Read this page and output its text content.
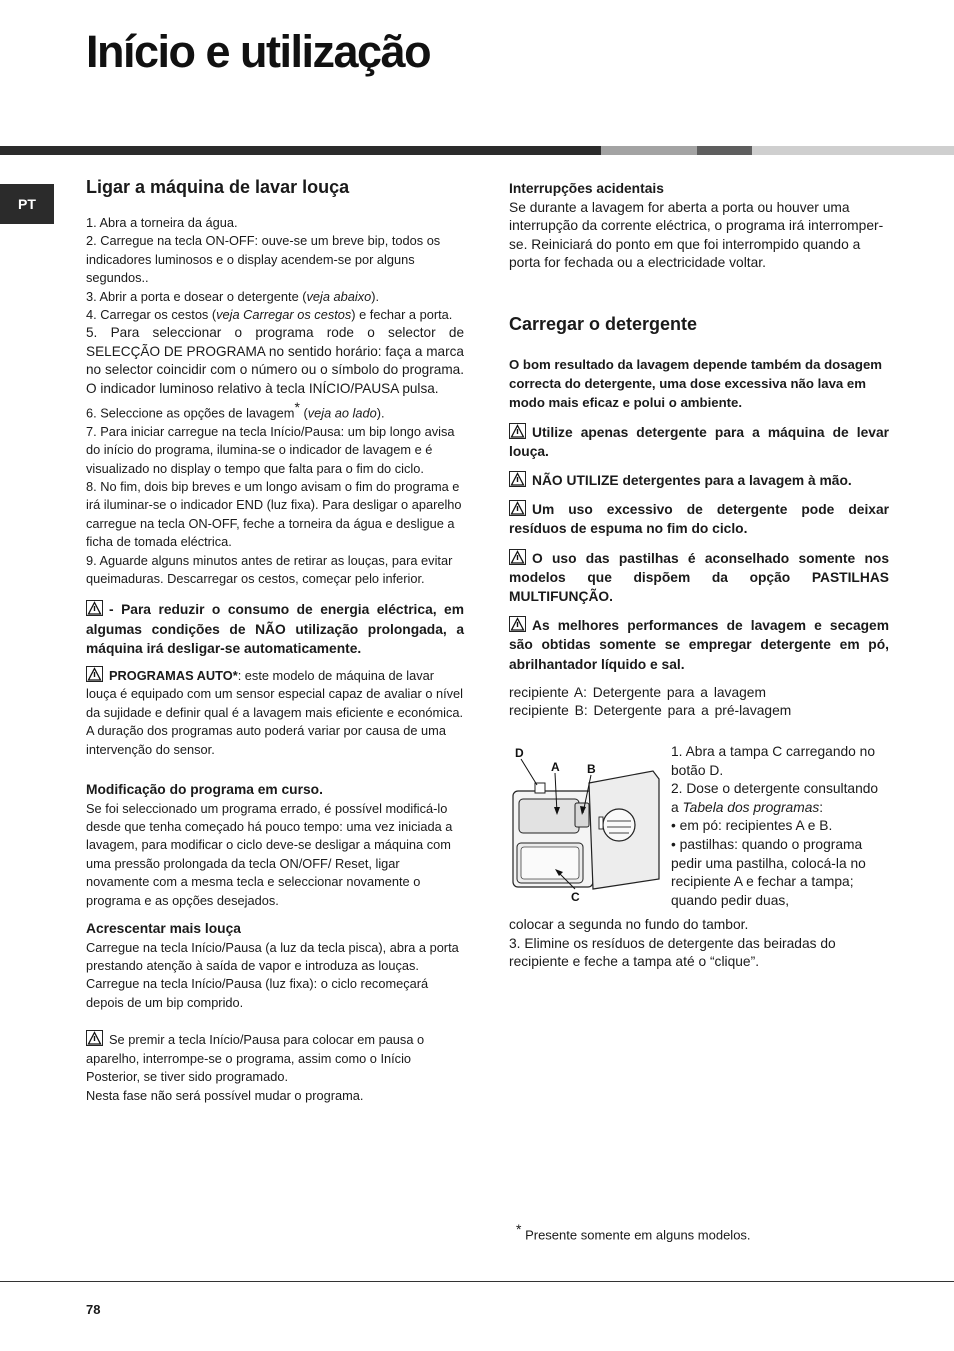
Início e utilização
PT
Ligar a máquina de lavar louça

1. Abra a torneira da água.

2. Carregue na tecla ON-OFF: ouve-se um breve bip, todos os indicadores luminosos e o display acendem-se por alguns segundos..

3. Abrir a porta e dosear o detergente (veja abaixo).

4. Carregar os cestos (veja Carregar os cestos) e fechar a porta.

5. Para seleccionar o programa rode o selector de SELECÇÃO DE PROGRAMA no sentido horário: faça a marca no selector coincidir com o número ou o símbolo do programa. O indicador luminoso relativo à tecla INÍCIO/PAUSA pulsa.

6. Seleccione as opções de lavagem* (veja ao lado).

7. Para iniciar carregue na tecla Início/Pausa: um bip longo avisa do início do programa, ilumina-se o indicador de lavagem e é visualizado no display o tempo que falta para o fim do ciclo.

8. No fim, dois bip breves e um longo avisam o fim do programa e irá iluminar-se o indicador END (luz fixa). Para desligar o aparelho carregue na tecla ON-OFF, feche a torneira da água e desligue a ficha de tomada eléctrica.

9. Aguarde alguns minutos antes de retirar as louças, para evitar queimaduras. Descarregar os cestos, começar pelo inferior.

- Para reduzir o consumo de energia eléctrica, em algumas condições de NÃO utilização prolongada, a máquina irá desligar-se automaticamente.

PROGRAMAS AUTO*: este modelo de máquina de lavar louça é equipado com um sensor especial capaz de avaliar o nível da sujidade e definir qual é a lavagem mais eficiente e económica.

A duração dos programas auto poderá variar por causa de uma intervenção do sensor.

Modificação do programa em curso.

Se foi seleccionado um programa errado, é possível modificá-lo desde que tenha começado há pouco tempo: uma vez iniciada a lavagem, para modificar o ciclo deve-se desligar a máquina com uma pressão prolongada da tecla ON/OFF/ Reset, ligar novamente com a mesma tecla e seleccionar novamente o programa e as opções desejados.

Acrescentar mais louça

Carregue na tecla Início/Pausa (a luz da tecla pisca), abra a porta prestando atenção à saída de vapor e introduza as louças. Carregue na tecla Início/Pausa (luz fixa): o ciclo recomeçará depois de um bip comprido.

Se premir a tecla Início/Pausa para colocar em pausa o aparelho, interrompe-se o programa, assim como o Início Posterior, se tiver sido programado.

Nesta fase não será possível mudar o programa.

Interrupções acidentais

Se durante a lavagem for aberta a porta ou houver uma interrupção da corrente eléctrica, o programa irá interromper-se. Reiniciará do ponto em que foi interrompido quando a porta for fechada ou a electricidade voltar.

Carregar o detergente

O bom resultado da lavagem depende também da dosagem correcta do detergente, uma dose excessiva não lava em modo mais eficaz e polui o ambiente.

Utilize apenas detergente para a máquina de levar louça.

NÃO UTILIZE detergentes para a lavagem à mão.

Um uso excessivo de detergente pode deixar resíduos de espuma no fim do ciclo.

O uso das pastilhas é aconselhado somente nos modelos que dispõem da opção PASTILHAS MULTIFUNÇÃO.

As melhores performances de lavagem e secagem são obtidas somente se empregar detergente em pó, abrilhantador líquido e sal.

recipiente A: Detergente para a lavagem

recipiente B: Detergente para a pré-lavagem

D
A B
C

1. Abra a tampa C carregando no botão D.

2. Dose o detergente consultando a Tabela dos programas:

• em pó: recipientes A e B.

• pastilhas: quando o programa pedir uma pastilha, colocá-la no recipiente A e fechar a tampa; quando pedir duas,

colocar a segunda no fundo do tambor.

3. Elimine os resíduos de detergente das beiradas do recipiente e feche a tampa até o “clique”.

* Presente somente em alguns modelos.
78
